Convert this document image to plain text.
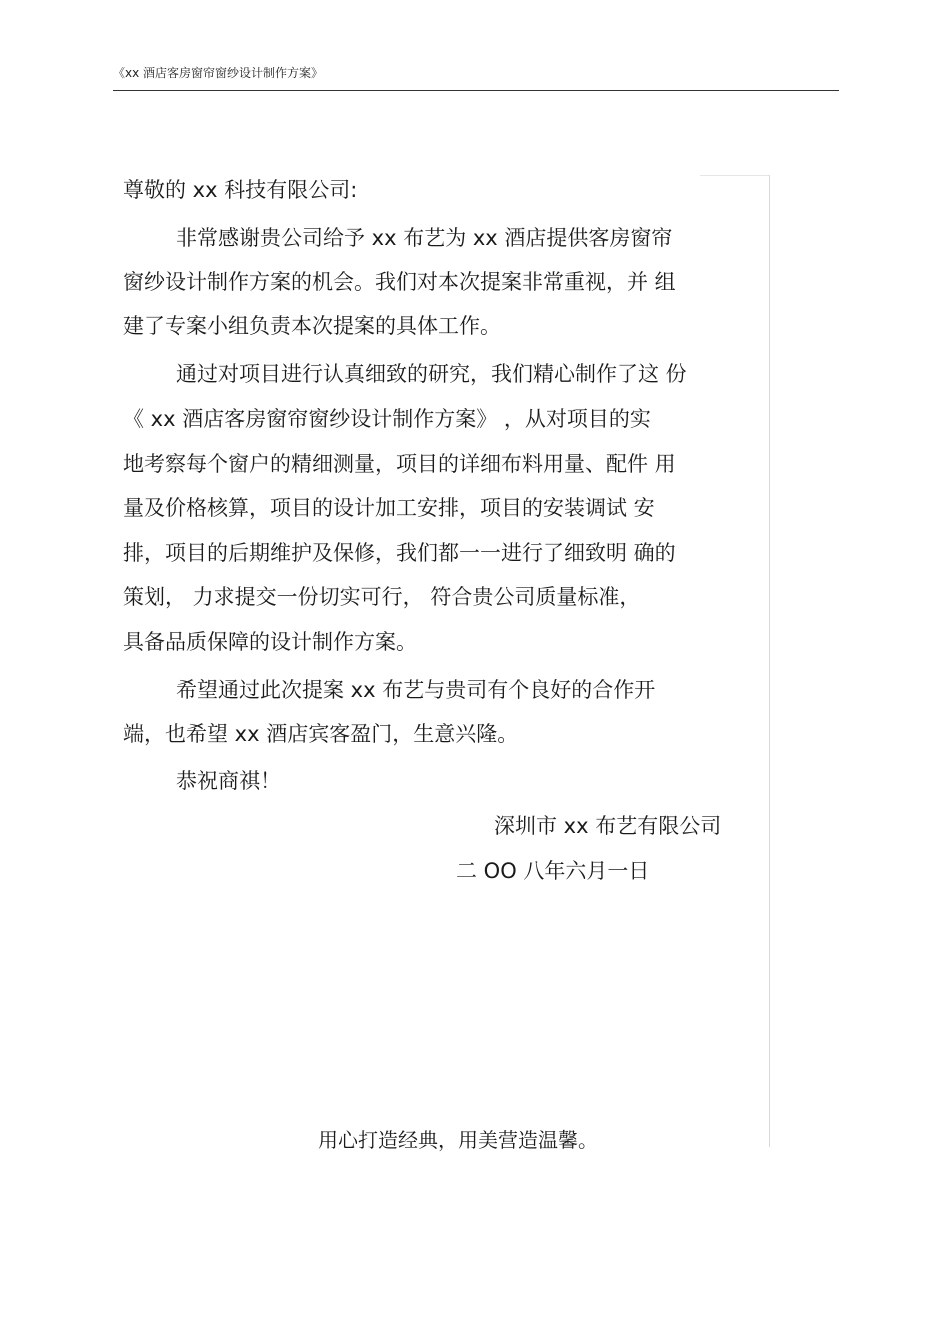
《xx 酒店客房窗帘窗纱设计制作方案》
尊敬的 xx 科技有限公司:
非常感谢贵公司给予 xx 布艺为 xx 酒店提供客房窗帘
窗纱设计制作方案的机会。我们对本次提案非常重视，并 组
建了专案小组负责本次提案的具体工作。
通过对项目进行认真细致的研究，我们精心制作了这 份
《 xx 酒店客房窗帘窗纱设计制作方案》 ，从对项目的实
地考察每个窗户的精细测量，项目的详细布料用量、配件 用
量及价格核算，项目的设计加工安排，项目的安装调试 安
排，项目的后期维护及保修，我们都一一进行了细致明 确的
策划， 力求提交一份切实可行， 符合贵公司质量标准，
具备品质保障的设计制作方案。
希望通过此次提案 xx 布艺与贵司有个良好的合作开
端，也希望 xx 酒店宾客盈门，生意兴隆。
恭祝商祺！
深圳市 xx 布艺有限公司
二 OO 八年六月一日
用心打造经典，用美营造温馨。
